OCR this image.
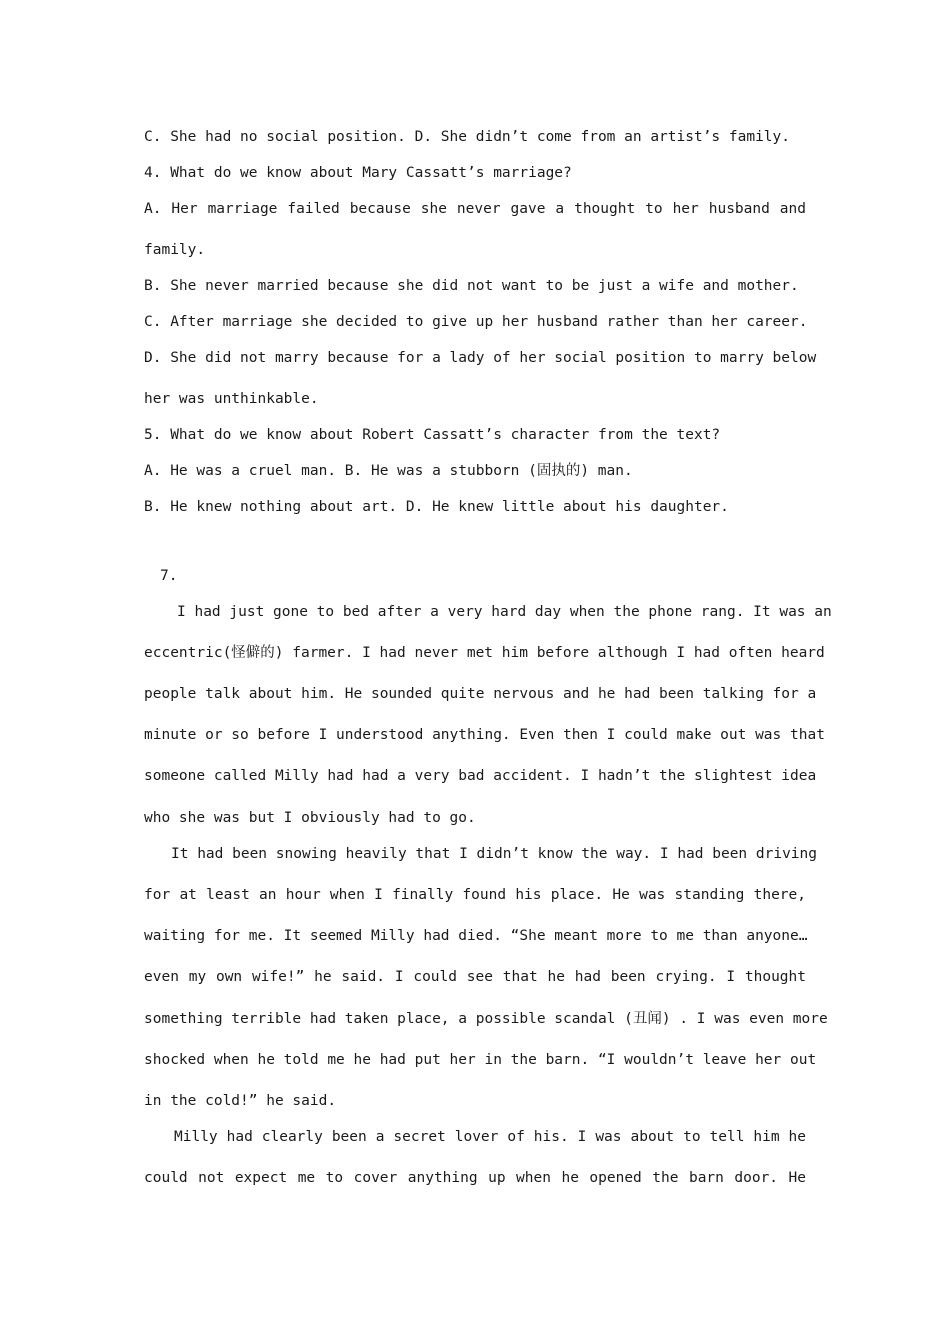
C. She had no social position. D. She didn’t come from an artist’s family.
4. What do we know about Mary Cassatt’s marriage?
A. Her marriage failed because she never gave a thought to her husband and
family.
B. She never married because she did not want to be just a wife and mother.
C. After marriage she decided to give up her husband rather than her career.
D. She did not marry because for a lady of her social position to marry below
her was unthinkable.
5. What do we know about Robert Cassatt’s character from the text?
A. He was a cruel man. B. He was a stubborn (固执的) man.
B. He knew nothing about art. D. He knew little about his daughter.
7.
I had just gone to bed after a very hard day when the phone rang. It was an
eccentric(怪僻的) farmer. I had never met him before although I had often heard
people talk about him. He sounded quite nervous and he had been talking for a
minute or so before I understood anything. Even then I could make out was that
someone called Milly had had a very bad accident. I hadn’t the slightest idea
who she was but I obviously had to go.
It had been snowing heavily that I didn’t know the way. I had been driving
for at least an hour when I finally found his place. He was standing there,
waiting for me. It seemed Milly had died. “She meant more to me than anyone…
even my own wife!” he said. I could see that he had been crying. I thought
something terrible had taken place, a possible scandal (丑闻) . I was even more
shocked when he told me he had put her in the barn. “I wouldn’t leave her out
in the cold!” he said.
Milly had clearly been a secret lover of his. I was about to tell him he
could not expect me to cover anything up when he opened the barn door. He
